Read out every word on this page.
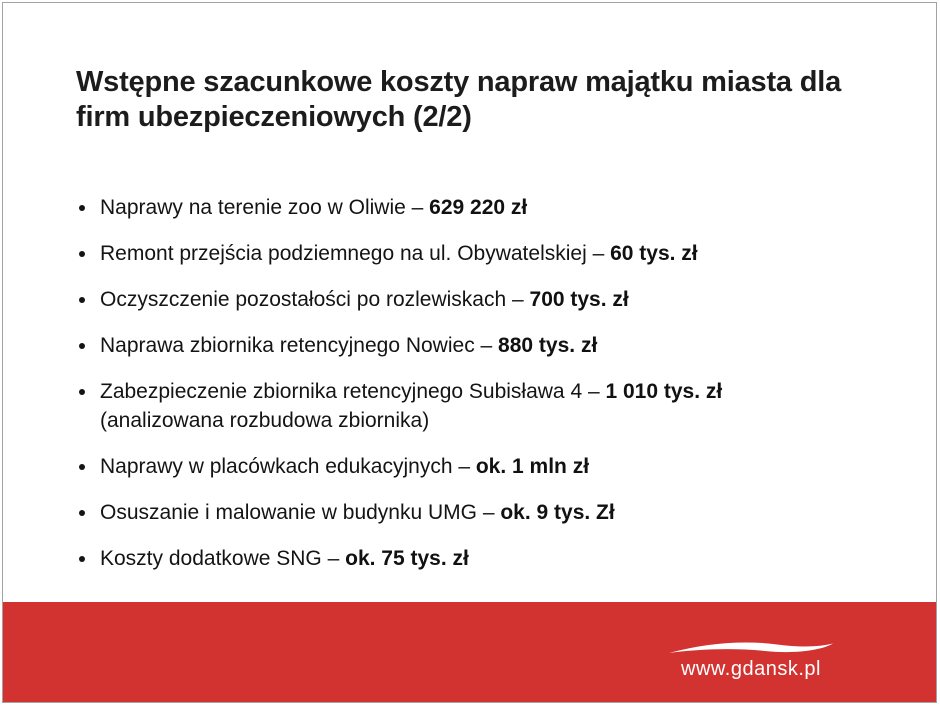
Wstępne szacunkowe koszty napraw majątku miasta dla firm ubezpieczeniowych (2/2)
Naprawy na terenie zoo w Oliwie – 629 220 zł
Remont przejścia podziemnego na ul. Obywatelskiej – 60 tys. zł
Oczyszczenie pozostałości po rozlewiskach – 700 tys. zł
Naprawa zbiornika retencyjnego Nowiec – 880 tys. zł
Zabezpieczenie zbiornika retencyjnego Subisława 4 – 1 010 tys. zł
(analizowana rozbudowa zbiornika)
Naprawy w placówkach edukacyjnych – ok. 1 mln zł
Osuszanie i malowanie w budynku UMG – ok. 9 tys. Zł
Koszty dodatkowe SNG – ok. 75 tys. zł
www.gdansk.pl
